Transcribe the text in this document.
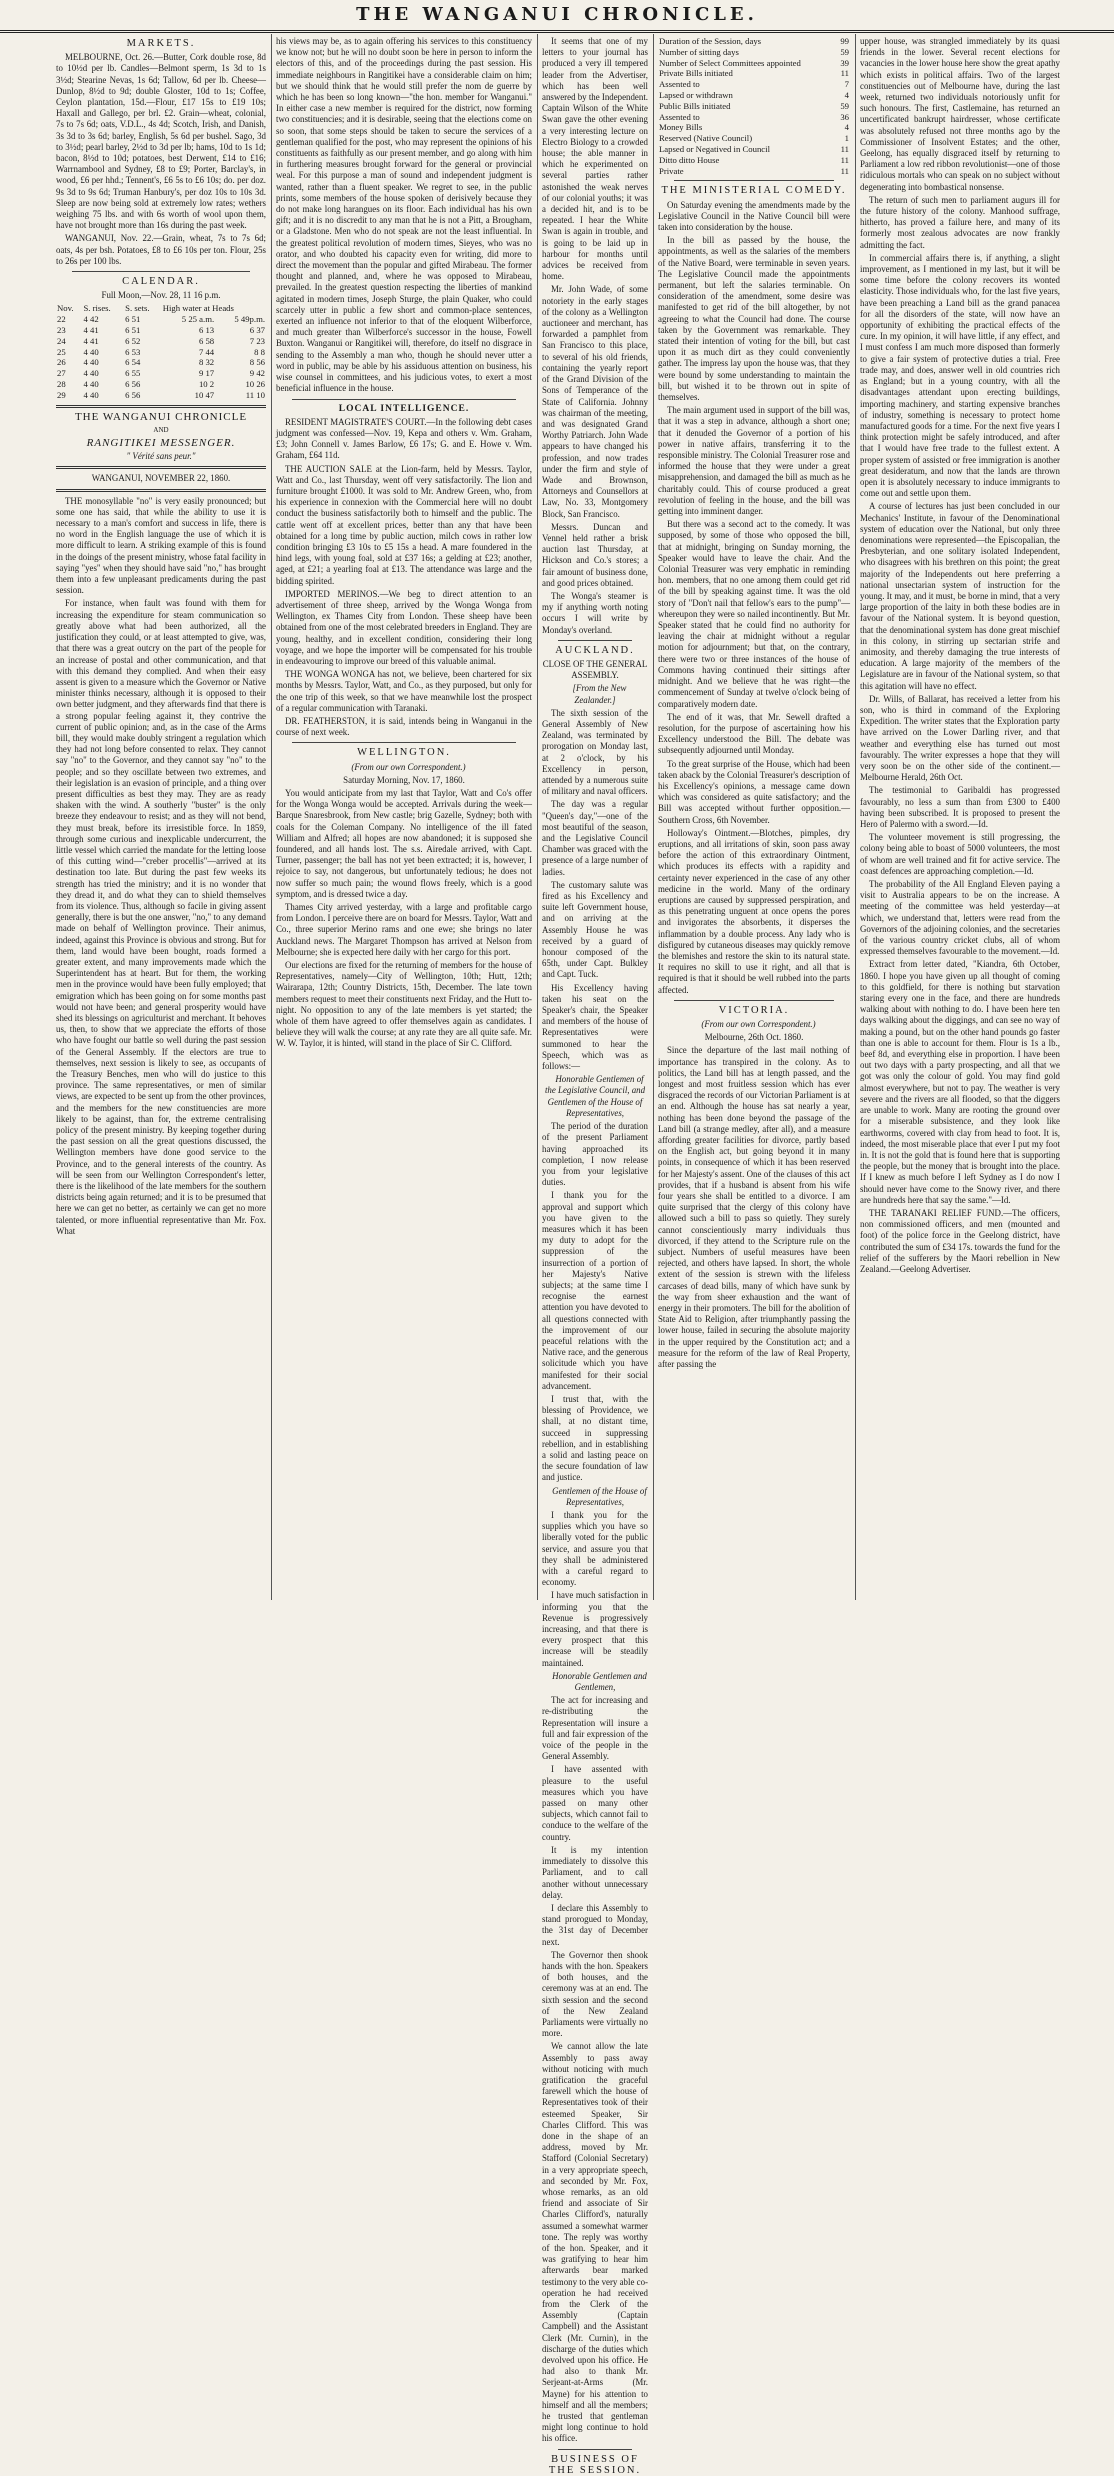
THE WANGANUI CHRONICLE.
MARKETS.

MELBOURNE, Oct. 26.—Butter, Cork double rose, 8d to 10½d per lb. Candles—Belmont sperm, 1s 3d to 1s 3½d; Stearine Nevas, 1s 6d; Tallow, 6d per lb. Cheese—Dunlop, 8½d to 9d; double Gloster, 10d to 1s; Coffee, Ceylon plantation, 15d.—Flour, £17 15s to £19 10s; Haxall and Gallego, per brl. £2. Grain—wheat, colonial, 7s to 7s 6d; oats, V.D.L., 4s 4d; Scotch, Irish, and Danish, 3s 3d to 3s 6d; barley, English, 5s 6d per bushel. Sago, 3d to 3½d; pearl barley, 2½d to 3d per lb; hams, 10d to 1s 1d; bacon, 8½d to 10d; potatoes, best Derwent, £14 to £16; Warrnambool and Sydney, £8 to £9; Porter, Barclay's, in wood, £6 per hhd.; Tennent's, £6 5s to £6 10s; do. per doz. 9s 3d to 9s 6d; Truman Hanbury's, per doz 10s to 10s 3d. Sleep are now being sold at extremely low rates; wethers weighing 75 lbs. and with 6s worth of wool upon them, have not brought more than 16s during the past week.

WANGANUI, Nov. 22.—Grain, wheat, 7s to 7s 6d; oats, 4s per bsh. Potatoes, £8 to £6 10s per ton. Flour, 25s to 26s per 100 lbs.

CALENDAR.

Full Moon,—Nov. 28, 11 16 p.m.

Nov.	S. rises.	S. sets.	High water at Heads	
22	4 42	6 51	5 25 a.m.	5 49p.m.
23	4 41	6 51	6 13	6 37
24	4 41	6 52	6 58	7 23
25	4 40	6 53	7 44	8 8
26	4 40	6 54	8 32	8 56
27	4 40	6 55	9 17	9 42
28	4 40	6 56	10 2	10 26
29	4 40	6 56	10 47	11 10
THE WANGANUI CHRONICLE

AND

RANGITIKEI MESSENGER.

" Vérité sans peur."

WANGANUI, NOVEMBER 22, 1860.

THE monosyllable "no" is very easily pronounced; but some one has said, that while the ability to use it is necessary to a man's comfort and success in life, there is no word in the English language the use of which it is more difficult to learn. A striking example of this is found in the doings of the present ministry, whose fatal facility in saying "yes" when they should have said "no," has brought them into a few unpleasant predicaments during the past session.

For instance, when fault was found with them for increasing the expenditure for steam communication so greatly above what had been authorized, all the justification they could, or at least attempted to give, was, that there was a great outcry on the part of the people for an increase of postal and other communication, and that with this demand they complied. And when their easy assent is given to a measure which the Governor or Native minister thinks necessary, although it is opposed to their own better judgment, and they afterwards find that there is a strong popular feeling against it, they contrive the current of public opinion; and, as in the case of the Arms bill, they would make doubly stringent a regulation which they had not long before consented to relax. They cannot say "no" to the Governor, and they cannot say "no" to the people; and so they oscillate between two extremes, and their legislation is an evasion of principle, and a thing over present difficulties as best they may. They are as ready shaken with the wind. A southerly "buster" is the only breeze they endeavour to resist; and as they will not bend, they must break, before its irresistible force. In 1859, through some curious and inexplicable undercurrent, the little vessel which carried the mandate for the letting loose of this cutting wind—"creber procellis"—arrived at its destination too late. But during the past few weeks its strength has tried the ministry; and it is no wonder that they dread it, and do what they can to shield themselves from its violence. Thus, although so facile in giving assent generally, there is but the one answer, "no," to any demand made on behalf of Wellington province. Their animus, indeed, against this Province is obvious and strong. But for them, land would have been bought, roads formed a greater extent, and many improvements made which the Superintendent has at heart. But for them, the working men in the province would have been fully employed; that emigration which has been going on for some months past would not have been; and general prosperity would have shed its blessings on agriculturist and merchant. It behoves us, then, to show that we appreciate the efforts of those who have fought our battle so well during the past session of the General Assembly. If the electors are true to themselves, next session is likely to see, as occupants of the Treasury Benches, men who will do justice to this province. The same representatives, or men of similar views, are expected to be sent up from the other provinces, and the members for the new constituencies are more likely to be against, than for, the extreme centralising policy of the present ministry. By keeping together during the past session on all the great questions discussed, the Wellington members have done good service to the Province, and to the general interests of the country. As will be seen from our Wellington Correspondent's letter, there is the likelihood of the late members for the southern districts being again returned; and it is to be presumed that here we can get no better, as certainly we can get no more talented, or more influential representative than Mr. Fox. What

his views may be, as to again offering his services to this constituency we know not; but he will no doubt soon be here in person to inform the electors of this, and of the proceedings during the past session. His immediate neighbours in Rangitikei have a considerable claim on him; but we should think that he would still prefer the nom de guerre by which he has been so long known—"the hon. member for Wanganui." In either case a new member is required for the district, now forming two constituencies; and it is desirable, seeing that the elections come on so soon, that some steps should be taken to secure the services of a gentleman qualified for the post, who may represent the opinions of his constituents as faithfully as our present member, and go along with him in furthering measures brought forward for the general or provincial weal. For this purpose a man of sound and independent judgment is wanted, rather than a fluent speaker. We regret to see, in the public prints, some members of the house spoken of derisively because they do not make long harangues on its floor. Each individual has his own gift; and it is no discredit to any man that he is not a Pitt, a Brougham, or a Gladstone. Men who do not speak are not the least influential. In the greatest political revolution of modern times, Sieyes, who was no orator, and who doubted his capacity even for writing, did more to direct the movement than the popular and gifted Mirabeau. The former thought and planned, and, where he was opposed to Mirabeau, prevailed. In the greatest question respecting the liberties of mankind agitated in modern times, Joseph Sturge, the plain Quaker, who could scarcely utter in public a few short and common-place sentences, exerted an influence not inferior to that of the eloquent Wilberforce, and much greater than Wilberforce's successor in the house, Fowell Buxton. Wanganui or Rangitikei will, therefore, do itself no disgrace in sending to the Assembly a man who, though he should never utter a word in public, may be able by his assiduous attention on business, his wise counsel in committees, and his judicious votes, to exert a most beneficial influence in the house.

LOCAL INTELLIGENCE.

RESIDENT MAGISTRATE'S COURT.—In the following debt cases judgment was confessed—Nov. 19, Kepa and others v. Wm. Graham, £3; John Connell v. James Barlow, £6 17s; G. and E. Howe v. Wm. Graham, £64 11d.

THE AUCTION SALE at the Lion-farm, held by Messrs. Taylor, Watt and Co., last Thursday, went off very satisfactorily. The lion and furniture brought £1000. It was sold to Mr. Andrew Green, who, from his experience in connexion with the Commercial here will no doubt conduct the business satisfactorily both to himself and the public. The cattle went off at excellent prices, better than any that have been obtained for a long time by public auction, milch cows in rather low condition bringing £3 10s to £5 15s a head. A mare foundered in the hind legs, with young foal, sold at £37 16s; a gelding at £23; another, aged, at £21; a yearling foal at £13. The attendance was large and the bidding spirited.

IMPORTED MERINOS.—We beg to direct attention to an advertisement of three sheep, arrived by the Wonga Wonga from Wellington, ex Thames City from London. These sheep have been obtained from one of the most celebrated breeders in England. They are young, healthy, and in excellent condition, considering their long voyage, and we hope the importer will be compensated for his trouble in endeavouring to improve our breed of this valuable animal.

THE WONGA WONGA has not, we believe, been chartered for six months by Messrs. Taylor, Watt, and Co., as they purposed, but only for the one trip of this week, so that we have meanwhile lost the prospect of a regular communication with Taranaki.

DR. FEATHERSTON, it is said, intends being in Wanganui in the course of next week.

WELLINGTON.

(From our own Correspondent.)

Saturday Morning, Nov. 17, 1860.

You would anticipate from my last that Taylor, Watt and Co's offer for the Wonga Wonga would be accepted. Arrivals during the week—Barque Snaresbrook, from New castle; brig Gazelle, Sydney; both with coals for the Coleman Company. No intelligence of the ill fated William and Alfred; all hopes are now abandoned; it is supposed she foundered, and all hands lost. The s.s. Airedale arrived, with Capt. Turner, passenger; the ball has not yet been extracted; it is, however, I rejoice to say, not dangerous, but unfortunately tedious; he does not now suffer so much pain; the wound flows freely, which is a good symptom, and is dressed twice a day.

Thames City arrived yesterday, with a large and profitable cargo from London. I perceive there are on board for Messrs. Taylor, Watt and Co., three superior Merino rams and one ewe; she brings no later Auckland news. The Margaret Thompson has arrived at Nelson from Melbourne; she is expected here daily with her cargo for this port.

Our elections are fixed for the returning of members for the house of Representatives, namely—City of Wellington, 10th; Hutt, 12th; Wairarapa, 12th; Country Districts, 15th, December. The late town members request to meet their constituents next Friday, and the Hutt to-night. No opposition to any of the late members is yet started; the whole of them have agreed to offer themselves again as candidates. I believe they will walk the course; at any rate they are all quite safe. Mr. W. W. Taylor, it is hinted, will stand in the place of Sir C. Clifford.

It seems that one of my letters to your journal has produced a very ill tempered leader from the Advertiser, which has been well answered by the Independent. Captain Wilson of the White Swan gave the other evening a very interesting lecture on Electro Biology to a crowded house; the able manner in which he experimented on several parties rather astonished the weak nerves of our colonial youths; it was a decided hit, and is to be repeated. I hear the White Swan is again in trouble, and is going to be laid up in harbour for months until advices be received from home.

Mr. John Wade, of some notoriety in the early stages of the colony as a Wellington auctioneer and merchant, has forwarded a pamphlet from San Francisco to this place, to several of his old friends, containing the yearly report of the Grand Division of the Sons of Temperance of the State of California. Johnny was chairman of the meeting, and was designated Grand Worthy Patriarch. John Wade appears to have changed his profession, and now trades under the firm and style of Wade and Brownson, Attorneys and Counsellors at Law, No. 33, Montgomery Block, San Francisco.

Messrs. Duncan and Vennel held rather a brisk auction last Thursday, at Hickson and Co.'s stores; a fair amount of business done, and good prices obtained.

The Wonga's steamer is my if anything worth noting occurs I will write by Monday's overland.

AUCKLAND.

CLOSE OF THE GENERAL ASSEMBLY.

[From the New Zealander.]

The sixth session of the General Assembly of New Zealand, was terminated by prorogation on Monday last, at 2 o'clock, by his Excellency in person, attended by a numerous suite of military and naval officers.

The day was a regular "Queen's day,"—one of the most beautiful of the season, and the Legislative Council Chamber was graced with the presence of a large number of ladies.

The customary salute was fired as his Excellency and suite left Government house, and on arriving at the Assembly House he was received by a guard of honour composed of the 65th, under Capt. Bulkley and Capt. Tuck.

His Excellency having taken his seat on the Speaker's chair, the Speaker and members of the house of Representatives were summoned to hear the Speech, which was as follows:—

Honorable Gentlemen of the Legislative Council, and Gentlemen of the House of Representatives,

The period of the duration of the present Parliament having approached its completion, I now release you from your legislative duties.

I thank you for the approval and support which you have given to the measures which it has been my duty to adopt for the suppression of the insurrection of a portion of her Majesty's Native subjects; at the same time I recognise the earnest attention you have devoted to all questions connected with the improvement of our peaceful relations with the Native race, and the generous solicitude which you have manifested for their social advancement.

I trust that, with the blessing of Providence, we shall, at no distant time, succeed in suppressing rebellion, and in establishing a solid and lasting peace on the secure foundation of law and justice.

Gentlemen of the House of Representatives,

I thank you for the supplies which you have so liberally voted for the public service, and assure you that they shall be administered with a careful regard to economy.

I have much satisfaction in informing you that the Revenue is progressively increasing, and that there is every prospect that this increase will be steadily maintained.

Honorable Gentlemen and Gentlemen,

The act for increasing and re-distributing the Representation will insure a full and fair expression of the voice of the people in the General Assembly.

I have assented with pleasure to the useful measures which you have passed on many other subjects, which cannot fail to conduce to the welfare of the country.

It is my intention immediately to dissolve this Parliament, and to call another without unnecessary delay.

I declare this Assembly to stand prorogued to Monday, the 31st day of December next.

The Governor then shook hands with the hon. Speakers of both houses, and the ceremony was at an end. The sixth session and the second of the New Zealand Parliaments were virtually no more.

We cannot allow the late Assembly to pass away without noticing with much gratification the graceful farewell which the house of Representatives took of their esteemed Speaker, Sir Charles Clifford. This was done in the shape of an address, moved by Mr. Stafford (Colonial Secretary) in a very appropriate speech, and seconded by Mr. Fox, whose remarks, as an old friend and associate of Sir Charles Clifford's, naturally assumed a somewhat warmer tone. The reply was worthy of the hon. Speaker, and it was gratifying to hear him afterwards bear marked testimony to the very able co-operation he had received from the Clerk of the Assembly (Captain Campbell) and the Assistant Clerk (Mr. Curnin), in the discharge of the duties which devolved upon his office. He had also to thank Mr. Serjeant-at-Arms (Mr. Mayne) for his attention to himself and all the members; he trusted that gentleman might long continue to hold his office.

BUSINESS OF THE SESSION.
Duration of the Session, days	99
Number of sitting days	59
Number of Select Committees appointed	39
Private Bills initiated	11
Assented to	7
Lapsed or withdrawn	4
Public Bills initiated	59
Assented to	36
Money Bills	4
Reserved (Native Council)	1
Lapsed or Negatived in Council	11
Ditto ditto House	11
Private	11
THE MINISTERIAL COMEDY.

On Saturday evening the amendments made by the Legislative Council in the Native Council bill were taken into consideration by the house.

In the bill as passed by the house, the appointments, as well as the salaries of the members of the Native Board, were terminable in seven years. The Legislative Council made the appointments permanent, but left the salaries terminable. On consideration of the amendment, some desire was manifested to get rid of the bill altogether, by not agreeing to what the Council had done. The course taken by the Government was remarkable. They stated their intention of voting for the bill, but cast upon it as much dirt as they could conveniently gather. The impress lay upon the house was, that they were bound by some understanding to maintain the bill, but wished it to be thrown out in spite of themselves.

The main argument used in support of the bill was, that it was a step in advance, although a short one; that it denuded the Governor of a portion of his power in native affairs, transferring it to the responsible ministry. The Colonial Treasurer rose and informed the house that they were under a great misapprehension, and damaged the bill as much as he charitably could. This of course produced a great revolution of feeling in the house, and the bill was getting into imminent danger.

But there was a second act to the comedy. It was supposed, by some of those who opposed the bill, that at midnight, bringing on Sunday morning, the Speaker would have to leave the chair. And the Colonial Treasurer was very emphatic in reminding hon. members, that no one among them could get rid of the bill by speaking against time. It was the old story of "Don't nail that fellow's ears to the pump"—whereupon they were so nailed incontinently. But Mr. Speaker stated that he could find no authority for leaving the chair at midnight without a regular motion for adjournment; but that, on the contrary, there were two or three instances of the house of Commons having continued their sittings after midnight. And we believe that he was right—the commencement of Sunday at twelve o'clock being of comparatively modern date.

The end of it was, that Mr. Sewell drafted a resolution, for the purpose of ascertaining how his Excellency understood the Bill. The debate was subsequently adjourned until Monday.

To the great surprise of the House, which had been taken aback by the Colonial Treasurer's description of his Excellency's opinions, a message came down which was considered as quite satisfactory; and the Bill was accepted without further opposition.—Southern Cross, 6th November.

Holloway's Ointment.—Blotches, pimples, dry eruptions, and all irritations of skin, soon pass away before the action of this extraordinary Ointment, which produces its effects with a rapidity and certainty never experienced in the case of any other medicine in the world. Many of the ordinary eruptions are caused by suppressed perspiration, and as this penetrating unguent at once opens the pores and invigorates the absorbents, it disperses the inflammation by a double process. Any lady who is disfigured by cutaneous diseases may quickly remove the blemishes and restore the skin to its natural state. It requires no skill to use it right, and all that is required is that it should be well rubbed into the parts affected.

VICTORIA.

(From our own Correspondent.)

Melbourne, 26th Oct. 1860.

Since the departure of the last mail nothing of importance has transpired in the colony. As to politics, the Land bill has at length passed, and the longest and most fruitless session which has ever disgraced the records of our Victorian Parliament is at an end. Although the house has sat nearly a year, nothing has been done beyond the passage of the Land bill (a strange medley, after all), and a measure affording greater facilities for divorce, partly based on the English act, but going beyond it in many points, in consequence of which it has been reserved for her Majesty's assent. One of the clauses of this act provides, that if a husband is absent from his wife four years she shall be entitled to a divorce. I am quite surprised that the clergy of this colony have allowed such a bill to pass so quietly. They surely cannot conscientiously marry individuals thus divorced, if they attend to the Scripture rule on the subject. Numbers of useful measures have been rejected, and others have lapsed. In short, the whole extent of the session is strewn with the lifeless carcases of dead bills, many of which have sunk by the way from sheer exhaustion and the want of energy in their promoters. The bill for the abolition of State Aid to Religion, after triumphantly passing the lower house, failed in securing the absolute majority in the upper required by the Constitution act; and a measure for the reform of the law of Real Property, after passing the

upper house, was strangled immediately by its quasi friends in the lower. Several recent elections for vacancies in the lower house here show the great apathy which exists in political affairs. Two of the largest constituencies out of Melbourne have, during the last week, returned two individuals notoriously unfit for such honours. The first, Castlemaine, has returned an uncertificated bankrupt hairdresser, whose certificate was absolutely refused not three months ago by the Commissioner of Insolvent Estates; and the other, Geelong, has equally disgraced itself by returning to Parliament a low red ribbon revolutionist—one of those ridiculous mortals who can speak on no subject without degenerating into bombastical nonsense.

The return of such men to parliament augurs ill for the future history of the colony. Manhood suffrage, hitherto, has proved a failure here, and many of its formerly most zealous advocates are now frankly admitting the fact.

In commercial affairs there is, if anything, a slight improvement, as I mentioned in my last, but it will be some time before the colony recovers its wonted elasticity. Those individuals who, for the last five years, have been preaching a Land bill as the grand panacea for all the disorders of the state, will now have an opportunity of exhibiting the practical effects of the cure. In my opinion, it will have little, if any effect, and I must confess I am much more disposed than formerly to give a fair system of protective duties a trial. Free trade may, and does, answer well in old countries rich as England; but in a young country, with all the disadvantages attendant upon erecting buildings, importing machinery, and starting expensive branches of industry, something is necessary to protect home manufactured goods for a time. For the next five years I think protection might be safely introduced, and after that I would have free trade to the fullest extent. A proper system of assisted or free immigration is another great desideratum, and now that the lands are thrown open it is absolutely necessary to induce immigrants to come out and settle upon them.

A course of lectures has just been concluded in our Mechanics' Institute, in favour of the Denominational system of education over the National, but only three denominations were represented—the Episcopalian, the Presbyterian, and one solitary isolated Independent, who disagrees with his brethren on this point; the great majority of the Independents out here preferring a national unsectarian system of instruction for the young. It may, and it must, be borne in mind, that a very large proportion of the laity in both these bodies are in favour of the National system. It is beyond question, that the denominational system has done great mischief in this colony, in stirring up sectarian strife and animosity, and thereby damaging the true interests of education. A large majority of the members of the Legislature are in favour of the National system, so that this agitation will have no effect.

Dr. Wills, of Ballarat, has received a letter from his son, who is third in command of the Exploring Expedition. The writer states that the Exploration party have arrived on the Lower Darling river, and that weather and everything else has turned out most favourably. The writer expresses a hope that they will very soon be on the other side of the continent.—Melbourne Herald, 26th Oct.

The testimonial to Garibaldi has progressed favourably, no less a sum than from £300 to £400 having been subscribed. It is proposed to present the Hero of Palermo with a sword.—Id.

The volunteer movement is still progressing, the colony being able to boast of 5000 volunteers, the most of whom are well trained and fit for active service. The coast defences are approaching completion.—Id.

The probability of the All England Eleven paying a visit to Australia appears to be on the increase. A meeting of the committee was held yesterday—at which, we understand that, letters were read from the Governors of the adjoining colonies, and the secretaries of the various country cricket clubs, all of whom expressed themselves favourable to the movement.—Id.

Extract from letter dated, "Kiandra, 6th October, 1860. I hope you have given up all thought of coming to this goldfield, for there is nothing but starvation staring every one in the face, and there are hundreds walking about with nothing to do. I have been here ten days walking about the diggings, and can see no way of making a pound, but on the other hand pounds go faster than one is able to account for them. Flour is 1s a lb., beef 8d, and everything else in proportion. I have been out two days with a party prospecting, and all that we got was only the colour of gold. You may find gold almost everywhere, but not to pay. The weather is very severe and the rivers are all flooded, so that the diggers are unable to work. Many are rooting the ground over for a miserable subsistence, and they look like earthworms, covered with clay from head to foot. It is, indeed, the most miserable place that ever I put my foot in. It is not the gold that is found here that is supporting the people, but the money that is brought into the place. If I knew as much before I left Sydney as I do now I should never have come to the Snowy river, and there are hundreds here that say the same."—Id.

THE TARANAKI RELIEF FUND.—The officers, non commissioned officers, and men (mounted and foot) of the police force in the Geelong district, have contributed the sum of £34 17s. towards the fund for the relief of the sufferers by the Maori rebellion in New Zealand.—Geelong Advertiser.
